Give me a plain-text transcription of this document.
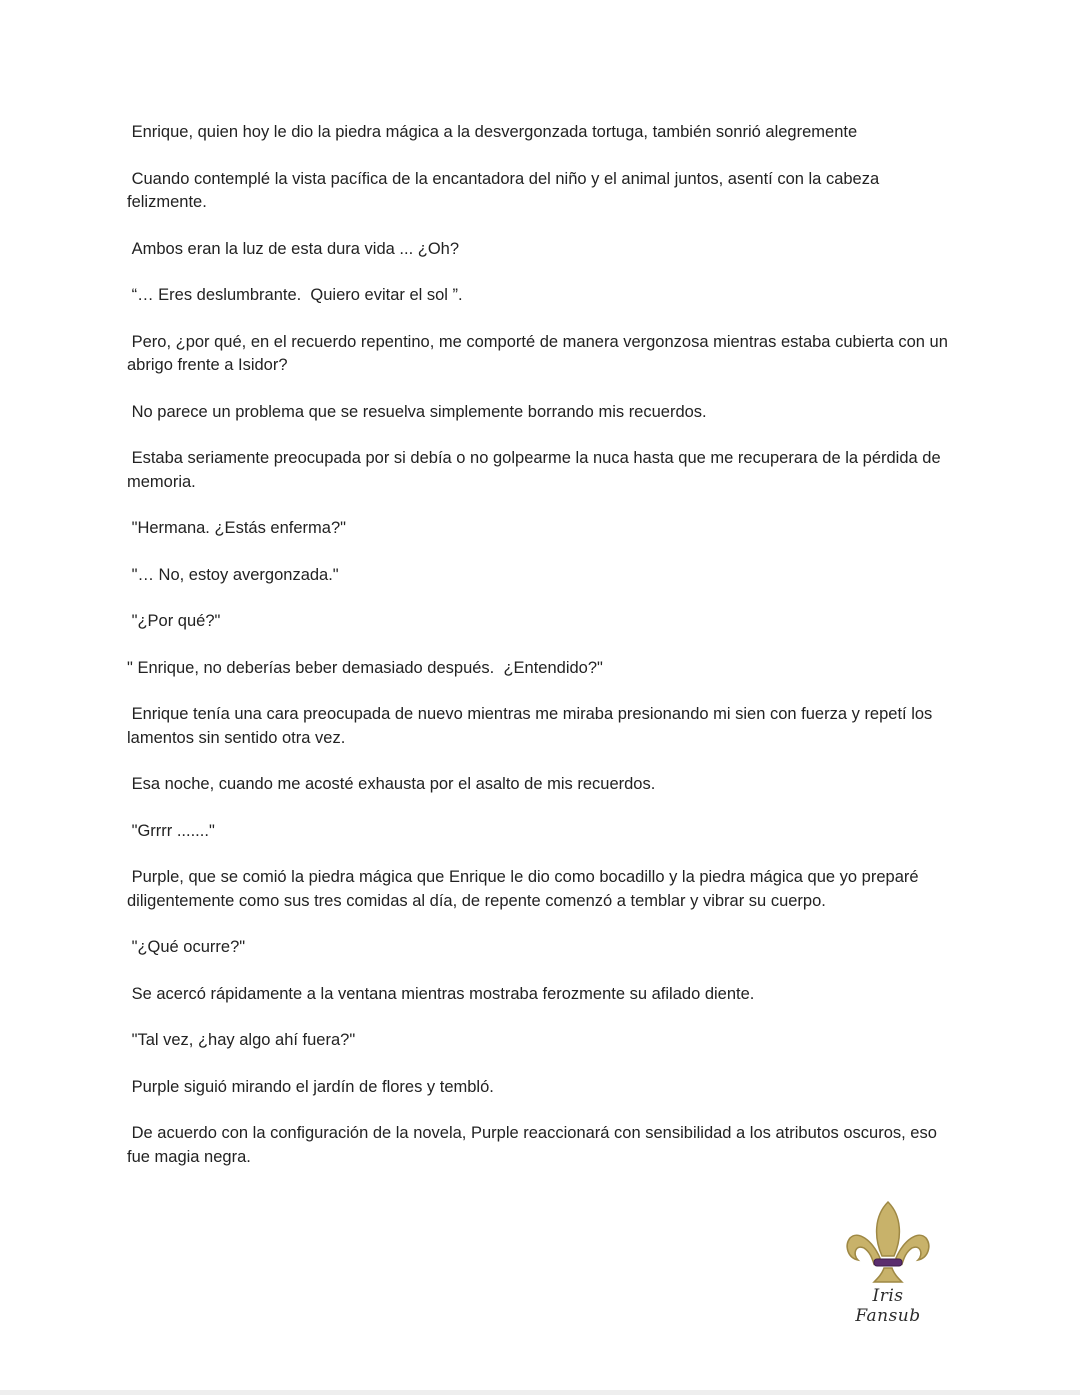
Enrique, quien hoy le dio la piedra mágica a la desvergonzada tortuga, también sonrió alegremente

Cuando contemplé la vista pacífica de la encantadora del niño y el animal juntos, asentí con la cabeza felizmente.

Ambos eran la luz de esta dura vida ... ¿Oh?

“… Eres deslumbrante.  Quiero evitar el sol ”.

Pero, ¿por qué, en el recuerdo repentino, me comporté de manera vergonzosa mientras estaba cubierta con un abrigo frente a Isidor?

No parece un problema que se resuelva simplemente borrando mis recuerdos.

Estaba seriamente preocupada por si debía o no golpearme la nuca hasta que me recuperara de la pérdida de memoria.

"Hermana. ¿Estás enferma?"

"… No, estoy avergonzada."

"¿Por qué?"

" Enrique, no deberías beber demasiado después.  ¿Entendido?"

Enrique tenía una cara preocupada de nuevo mientras me miraba presionando mi sien con fuerza y repetí los lamentos sin sentido otra vez.

Esa noche, cuando me acosté exhausta por el asalto de mis recuerdos.

"Grrrr ......."

Purple, que se comió la piedra mágica que Enrique le dio como bocadillo y la piedra mágica que yo preparé diligentemente como sus tres comidas al día, de repente comenzó a temblar y vibrar su cuerpo.

"¿Qué ocurre?"

Se acercó rápidamente a la ventana mientras mostraba ferozmente su afilado diente.

"Tal vez, ¿hay algo ahí fuera?"

Purple siguió mirando el jardín de flores y tembló.

De acuerdo con la configuración de la novela, Purple reaccionará con sensibilidad a los atributos oscuros, eso fue magia negra.

Iris Fansub
